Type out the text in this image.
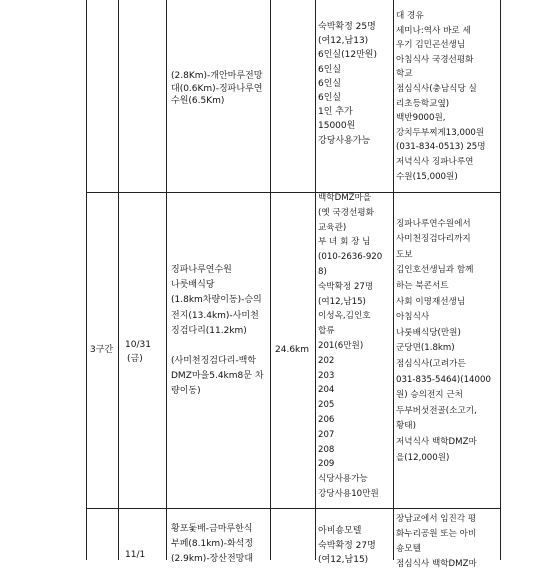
(2.8Km)-개안마루전망
대(0.6Km)-징파나루연
수원(6.5Km)
숙박확정 25명
(여12,남13)
6인실(12만원)
6인실
6인실
6인실
1인 추가
15000원
강당사용가능
대 경유
세미나:역사 바로 세
우기 김민곤선생님
아침식사 국경선평화
학교
점심식사(충남식당 실
리초등학교옆)
백반9000원,
강치두부찌게13,000원
(031-834-0513) 25명
저녁식사 징파나루연
수원(15,000원)
3구간 10/31
(금)
징파나루연수원
나룻배식당
(1.8km차량이동)-승의
전지(13.4km)-사미천
징검다리(11.2km)
(사미천징검다리-백학
DMZ마을5.4km8문 차
량이동)
24.6km
백학DMZ마을
(옛 국경선평화
교육관)
부 녀 회 장 님
(010-2636-920
8)
숙박확정 27명
(여12,남15)
이성옥,김인호
합류
201(6만원)
202
203
204
205
206
207
208
209
식당사용가능
강당사용10만원
징파나루연수원에서
사미천징검다리까지
도보
김인호선생님과 함께
하는 북콘서트
사회 이명재선생님
아침식사
나룻배식당(만원)
군당면(1.8km)
점심식사(고려가든
031-835-5464)(14000
원) 승의전지 근처
두부버섯전골(소고기,
황태)
저녁식사 백학DMZ마
을(12,000원)
11/1
황포돛배-금마루한식
부페(8.1km)-화석정
(2.9km)-장산전망대
아비숑모텔
숙박확정 27명
(여12,남15)
장남교에서 임진각 평
화누리공원 또는 아비
숑모텔
점심식사 백학DMZ마
